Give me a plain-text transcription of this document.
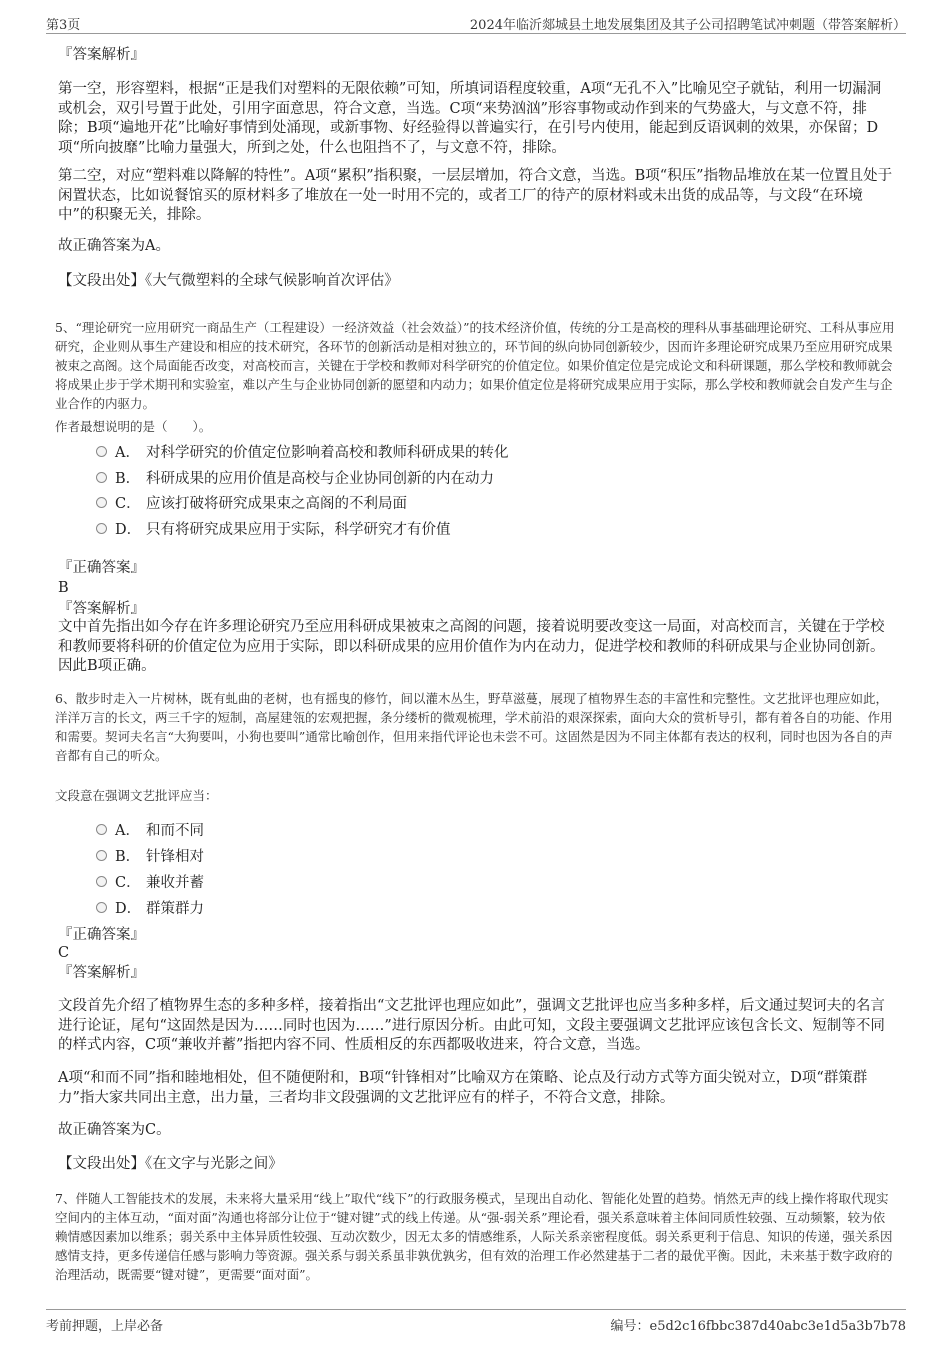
第3页	2024年临沂郯城县土地发展集团及其子公司招聘笔试冲刺题（带答案解析）
『答案解析』
第一空，形容塑料，根据“正是我们对塑料的无限依赖”可知，所填词语程度较重，A项“无孔不入”比喻见空子就钻，利用一切漏洞或机会，双引号置于此处，引用字面意思，符合文意，当选。C项“来势汹汹”形容事物或动作到来的气势盛大，与文意不符，排除；B项“遍地开花”比喻好事情到处涌现，或新事物、好经验得以普遍实行，在引号内使用，能起到反语讽刺的效果，亦保留；D项“所向披靡”比喻力量强大，所到之处，什么也阻挡不了，与文意不符，排除。
第二空，对应“塑料难以降解的特性”。A项“累积”指积聚，一层层增加，符合文意，当选。B项“积压”指物品堆放在某一位置且处于闲置状态，比如说餐馆买的原材料多了堆放在一处一时用不完的，或者工厂的待产的原材料或未出货的成品等，与文段“在环境中”的积聚无关，排除。
故正确答案为A。
【文段出处】《大气微塑料的全球气候影响首次评估》
5、“理论研究一应用研究一商品生产（工程建设）一经济效益（社会效益）”的技术经济价值，传统的分工是高校的理科从事基础理论研究、工科从事应用研究，企业则从事生产建设和相应的技术研究，各环节的创新活动是相对独立的，环节间的纵向协同创新较少，因而许多理论研究成果乃至应用研究成果被束之高阁。这个局面能否改变，对高校而言，关键在于学校和教师对科学研究的价值定位。如果价值定位是完成论文和科研课题，那么学校和教师就会将成果止步于学术期刊和实验室，难以产生与企业协同创新的愿望和内动力；如果价值定位是将研究成果应用于实际，那么学校和教师就会自发产生与企业合作的内驱力。
作者最想说明的是（　　）。
A． 对科学研究的价值定位影响着高校和教师科研成果的转化
B． 科研成果的应用价值是高校与企业协同创新的内在动力
C． 应该打破将研究成果束之高阁的不利局面
D． 只有将研究成果应用于实际，科学研究才有价值
『正确答案』
B
『答案解析』
文中首先指出如今存在许多理论研究乃至应用科研成果被束之高阁的问题，接着说明要改变这一局面，对高校而言，关键在于学校和教师要将科研的价值定位为应用于实际，即以科研成果的应用价值作为内在动力，促进学校和教师的科研成果与企业协同创新。因此B项正确。
6、散步时走入一片树林，既有虬曲的老树，也有摇曳的修竹，间以灌木丛生，野草滋蔓，展现了植物界生态的丰富性和完整性。文艺批评也理应如此，洋洋万言的长文，两三千字的短制，高屋建瓴的宏观把握，条分缕析的微观梳理，学术前沿的艰深探索，面向大众的赏析导引，都有着各自的功能、作用和需要。契诃夫名言“大狗要叫，小狗也要叫”通常比喻创作，但用来指代评论也未尝不可。这固然是因为不同主体都有表达的权利，同时也因为各自的声音都有自己的听众。
文段意在强调文艺批评应当：
A． 和而不同
B． 针锋相对
C． 兼收并蓄
D． 群策群力
『正确答案』
C
『答案解析』
文段首先介绍了植物界生态的多种多样，接着指出“文艺批评也理应如此”，强调文艺批评也应当多种多样，后文通过契诃夫的名言进行论证，尾句“这固然是因为……同时也因为……”进行原因分析。由此可知，文段主要强调文艺批评应该包含长文、短制等不同的样式内容，C项“兼收并蓄”指把内容不同、性质相反的东西都吸收进来，符合文意，当选。
A项“和而不同”指和睦地相处，但不随便附和，B项“针锋相对”比喻双方在策略、论点及行动方式等方面尖锐对立，D项“群策群力”指大家共同出主意，出力量，三者均非文段强调的文艺批评应有的样子，不符合文意，排除。
故正确答案为C。
【文段出处】《在文字与光影之间》
7、伴随人工智能技术的发展，未来将大量采用“线上”取代“线下”的行政服务模式，呈现出自动化、智能化处置的趋势。悄然无声的线上操作将取代现实空间内的主体互动，“面对面”沟通也将部分让位于“键对键”式的线上传递。从“强-弱关系”理论看，强关系意味着主体间同质性较强、互动频繁，较为依赖情感因素加以维系；弱关系中主体异质性较强、互动次数少，因无太多的情感维系，人际关系亲密程度低。弱关系更利于信息、知识的传递，强关系因感情支持，更多传递信任感与影响力等资源。强关系与弱关系虽非孰优孰劣，但有效的治理工作必然建基于二者的最优平衡。因此，未来基于数字政府的治理活动，既需要“键对键”，更需要“面对面”。
考前押题，上岸必备	编号：e5d2c16fbbc387d40abc3e1d5a3b7b78
